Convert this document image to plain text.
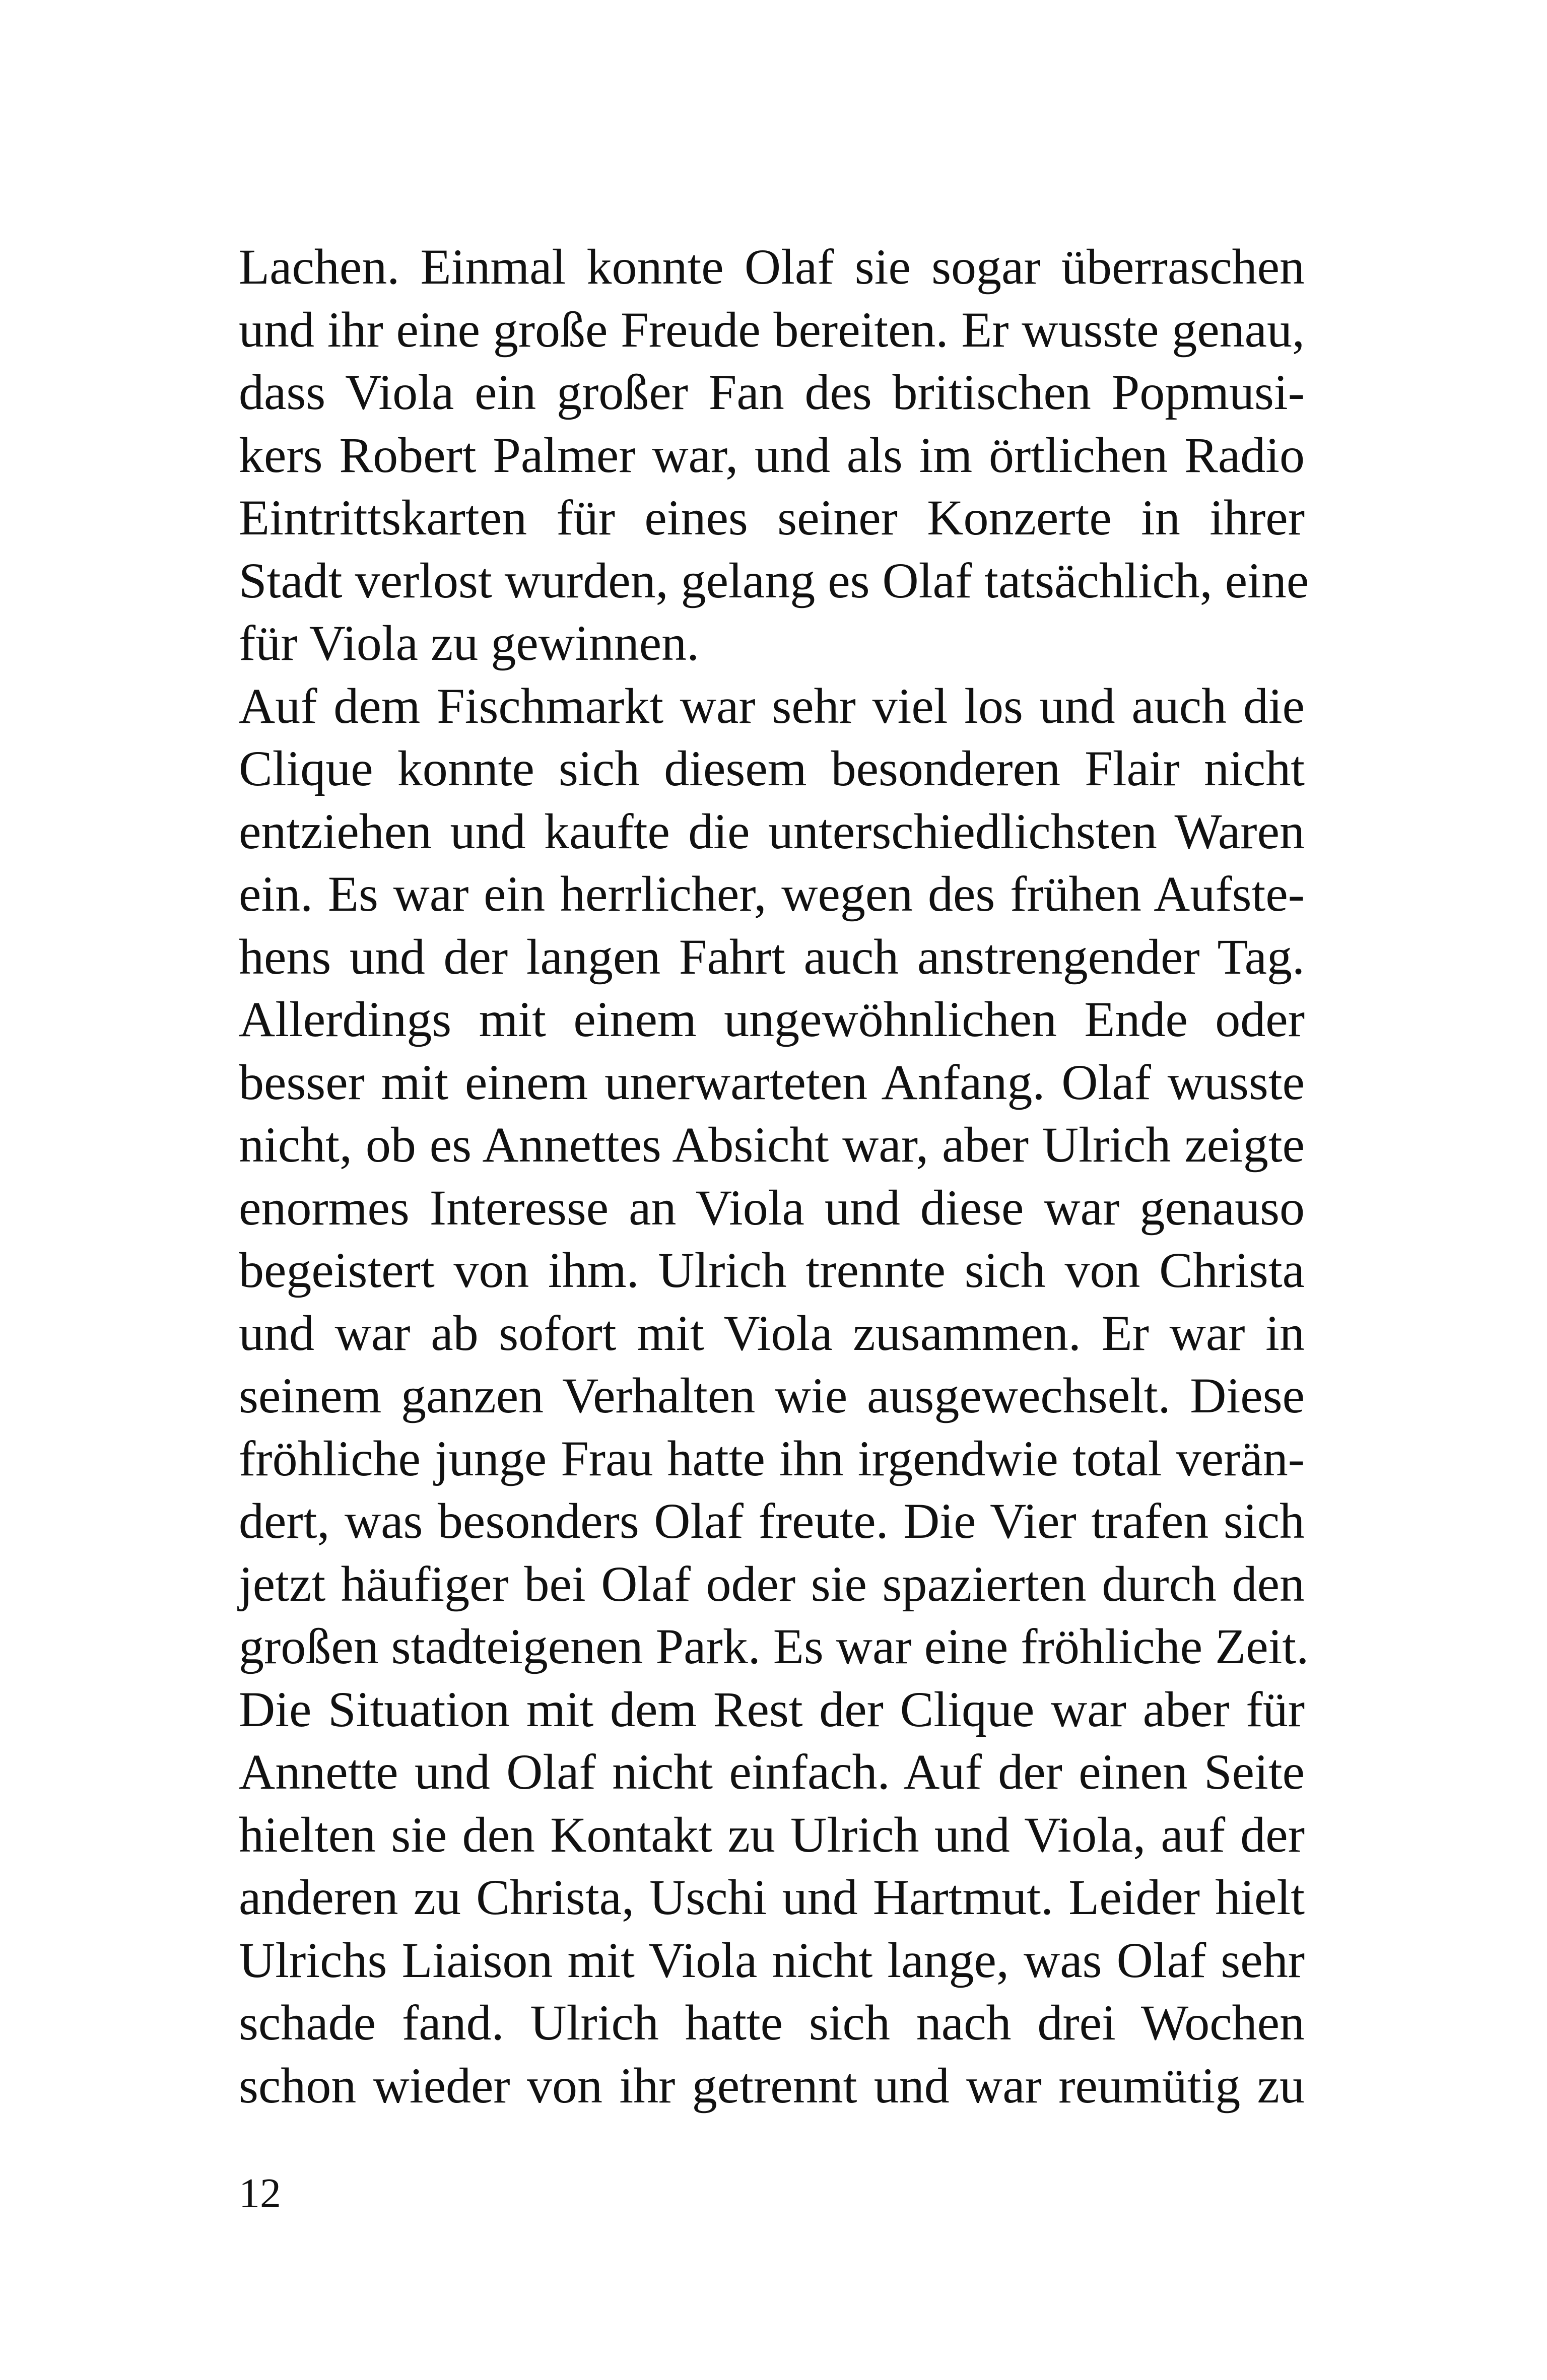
Lachen. Einmal konnte Olaf sie sogar überraschen
und ihr eine große Freude bereiten. Er wusste genau,
dass Viola ein großer Fan des britischen Popmusi-
kers Robert Palmer war, und als im örtlichen Radio
Eintrittskarten für eines seiner Konzerte in ihrer
Stadt verlost wurden, gelang es Olaf tatsächlich, eine
für Viola zu gewinnen.
Auf dem Fischmarkt war sehr viel los und auch die
Clique konnte sich diesem besonderen Flair nicht
entziehen und kaufte die unterschiedlichsten Waren
ein. Es war ein herrlicher, wegen des frühen Aufste-
hens und der langen Fahrt auch anstrengender Tag.
Allerdings mit einem ungewöhnlichen Ende oder
besser mit einem unerwarteten Anfang. Olaf wusste
nicht, ob es Annettes Absicht war, aber Ulrich zeigte
enormes Interesse an Viola und diese war genauso
begeistert von ihm. Ulrich trennte sich von Christa
und war ab sofort mit Viola zusammen. Er war in
seinem ganzen Verhalten wie ausgewechselt. Diese
fröhliche junge Frau hatte ihn irgendwie total verän-
dert, was besonders Olaf freute. Die Vier trafen sich
jetzt häufiger bei Olaf oder sie spazierten durch den
großen stadteigenen Park. Es war eine fröhliche Zeit.
Die Situation mit dem Rest der Clique war aber für
Annette und Olaf nicht einfach. Auf der einen Seite
hielten sie den Kontakt zu Ulrich und Viola, auf der
anderen zu Christa, Uschi und Hartmut. Leider hielt
Ulrichs Liaison mit Viola nicht lange, was Olaf sehr
schade fand. Ulrich hatte sich nach drei Wochen
schon wieder von ihr getrennt und war reumütig zu
12
